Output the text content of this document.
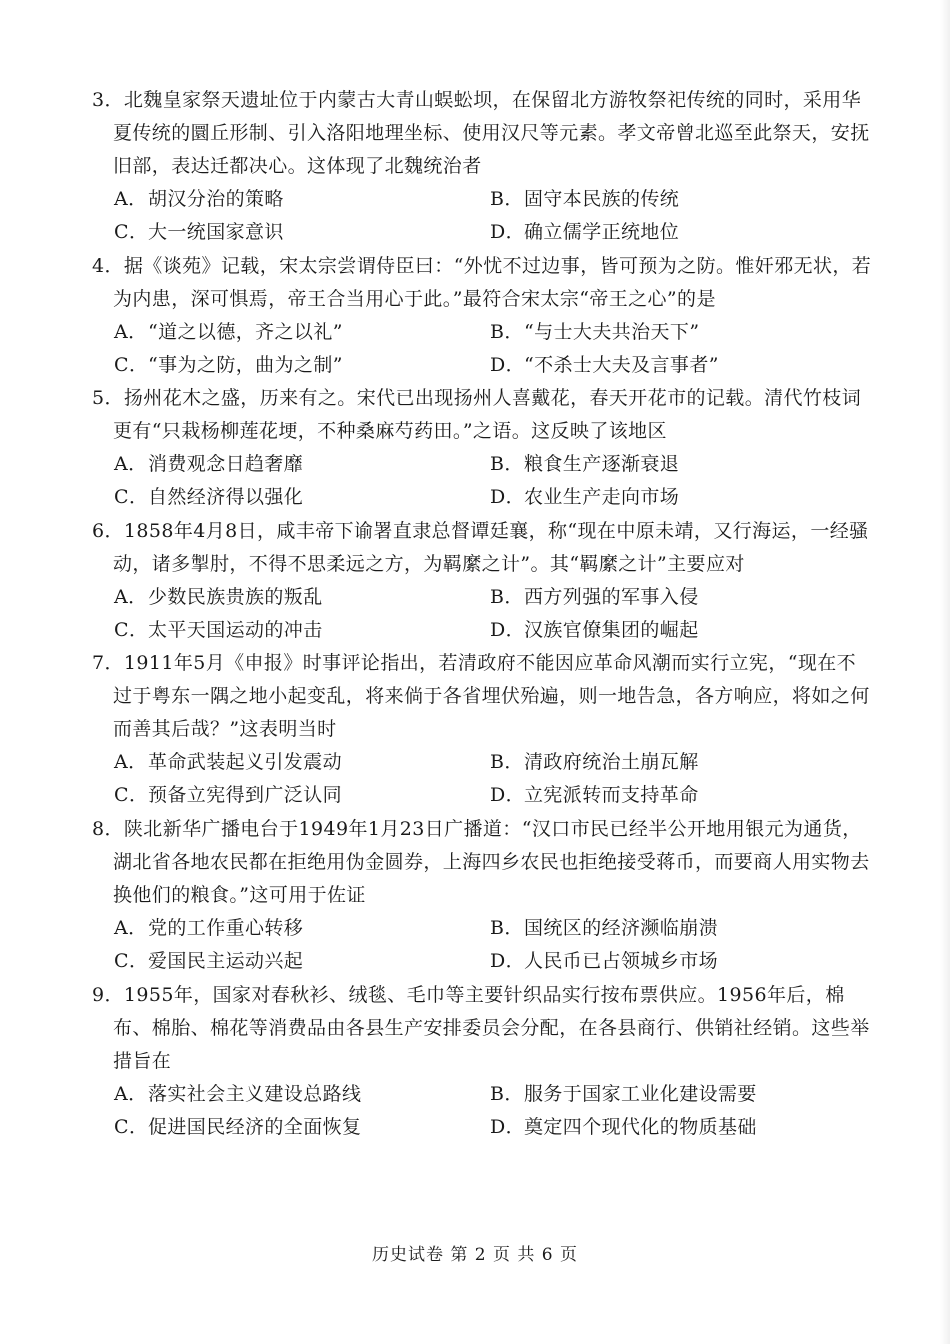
3．北魏皇家祭天遗址位于内蒙古大青山蜈蚣坝，在保留北方游牧祭祀传统的同时，采用华夏传统的圜丘形制、引入洛阳地理坐标、使用汉尺等元素。孝文帝曾北巡至此祭天，安抚旧部，表达迁都决心。这体现了北魏统治者
A．胡汉分治的策略	B．固守本民族的传统
C．大一统国家意识	D．确立儒学正统地位
4．据《谈苑》记载，宋太宗尝谓侍臣曰：“外忧不过边事，皆可预为之防。惟奸邪无状，若为内患，深可惧焉，帝王合当用心于此。”最符合宋太宗“帝王之心”的是
A．“道之以德，齐之以礼”	B．“与士大夫共治天下”
C．“事为之防，曲为之制”	D．“不杀士大夫及言事者”
5．扬州花木之盛，历来有之。宋代已出现扬州人喜戴花，春天开花市的记载。清代竹枝词更有“只栽杨柳莲花埂，不种桑麻芍药田。”之语。这反映了该地区
A．消费观念日趋奢靡	B．粮食生产逐渐衰退
C．自然经济得以强化	D．农业生产走向市场
6．1858年4月8日，咸丰帝下谕署直隶总督谭廷襄，称“现在中原未靖，又行海运，一经骚动，诸多掣肘，不得不思柔远之方，为羁縻之计”。其“羁縻之计”主要应对
A．少数民族贵族的叛乱	B．西方列强的军事入侵
C．太平天国运动的冲击	D．汉族官僚集团的崛起
7．1911年5月《申报》时事评论指出，若清政府不能因应革命风潮而实行立宪，“现在不过于粤东一隅之地小起变乱，将来倘于各省埋伏殆遍，则一地告急，各方响应，将如之何而善其后哉？”这表明当时
A．革命武装起义引发震动	B．清政府统治土崩瓦解
C．预备立宪得到广泛认同	D．立宪派转而支持革命
8．陕北新华广播电台于1949年1月23日广播道：“汉口市民已经半公开地用银元为通货，湖北省各地农民都在拒绝用伪金圆券，上海四乡农民也拒绝接受蒋币，而要商人用实物去换他们的粮食。”这可用于佐证
A．党的工作重心转移	B．国统区的经济濒临崩溃
C．爱国民主运动兴起	D．人民币已占领城乡市场
9．1955年，国家对春秋衫、绒毯、毛巾等主要针织品实行按布票供应。1956年后，棉布、棉胎、棉花等消费品由各县生产安排委员会分配，在各县商行、供销社经销。这些举措旨在
A．落实社会主义建设总路线	B．服务于国家工业化建设需要
C．促进国民经济的全面恢复	D．奠定四个现代化的物质基础
历史试卷 第 2 页 共 6 页
